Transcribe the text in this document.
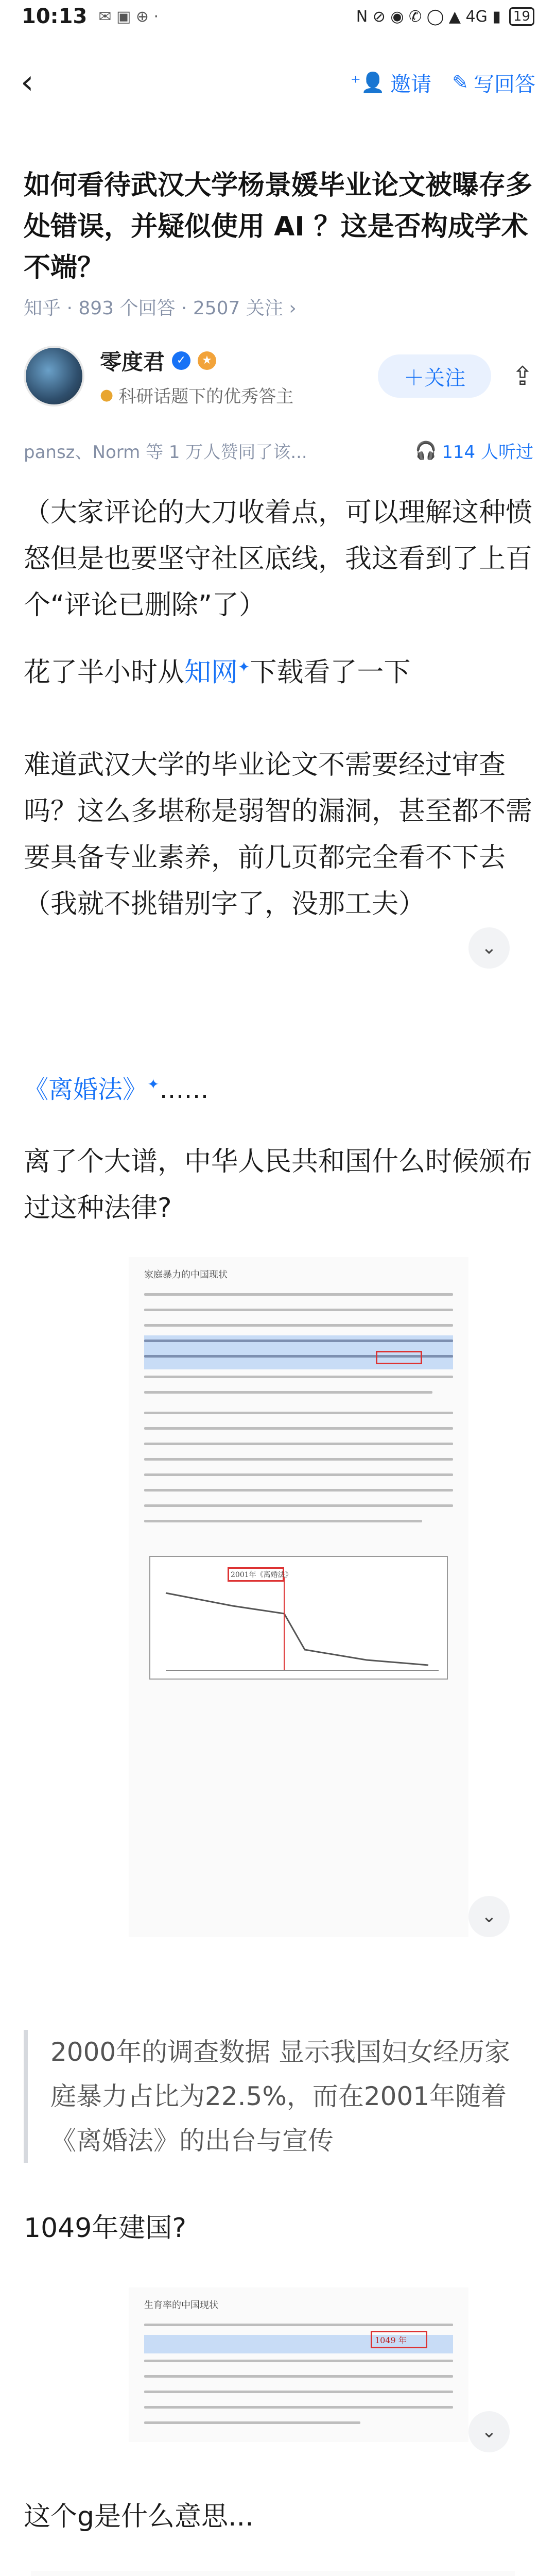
10:13 ✉ ▣ ⊕ ·	N ⊘ ◉ ✆ ◯ ▲ 4G ▮ 19
‹	⁺👤 邀请 ✎ 写回答
如何看待武汉大学杨景媛毕业论文被曝存多处错误，并疑似使用 AI ？这是否构成学术不端？
知乎 · 893 个回答 · 2507 关注 ›
零度君	✓	★
● 科研话题下的优秀答主
＋关注	⇪
pansz、Norm 等 1 万人赞同了该...	🎧 114 人听过
（大家评论的大刀收着点，可以理解这种愤怒但是也要坚守社区底线，我这看到了上百个“评论已删除”了）
花了半小时从知网✦下载看了一下
难道武汉大学的毕业论文不需要经过审查吗？这么多堪称是弱智的漏洞，甚至都不需要具备专业素养，前几页都完全看不下去（我就不挑错别字了，没那工夫）
⌄
《离婚法》✦……
离了个大谱，中华人民共和国什么时候颁布过这种法律?
家庭暴力的中国现状
2001年《离婚法》
⌄
2000年的调查数据 显示我国妇女经历家庭暴力占比为22.5%，而在2001年随着《离婚法》的出台与宣传
1049年建国?
生育率的中国现状
1049 年
⌄
这个g是什么意思...
